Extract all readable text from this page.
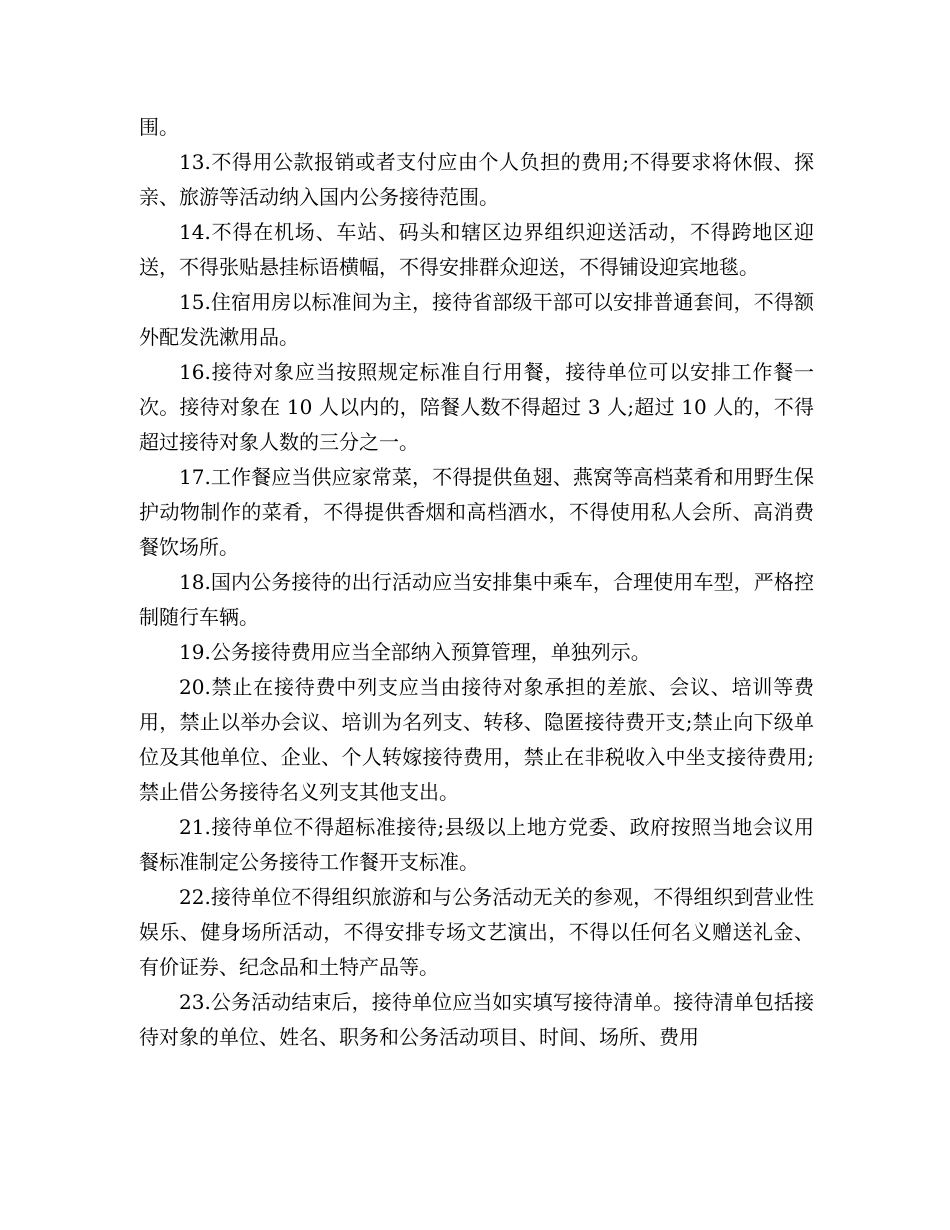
围。

13.不得用公款报销或者支付应由个人负担的费用;不得要求将休假、探亲、旅游等活动纳入国内公务接待范围。

14.不得在机场、车站、码头和辖区边界组织迎送活动，不得跨地区迎送，不得张贴悬挂标语横幅，不得安排群众迎送，不得铺设迎宾地毯。

15.住宿用房以标准间为主，接待省部级干部可以安排普通套间，不得额外配发洗漱用品。

16.接待对象应当按照规定标准自行用餐，接待单位可以安排工作餐一次。接待对象在 10 人以内的，陪餐人数不得超过 3 人;超过 10 人的，不得超过接待对象人数的三分之一。

17.工作餐应当供应家常菜，不得提供鱼翅、燕窝等高档菜肴和用野生保护动物制作的菜肴，不得提供香烟和高档酒水，不得使用私人会所、高消费餐饮场所。

18.国内公务接待的出行活动应当安排集中乘车，合理使用车型，严格控制随行车辆。

19.公务接待费用应当全部纳入预算管理，单独列示。

20.禁止在接待费中列支应当由接待对象承担的差旅、会议、培训等费用，禁止以举办会议、培训为名列支、转移、隐匿接待费开支;禁止向下级单位及其他单位、企业、个人转嫁接待费用，禁止在非税收入中坐支接待费用;禁止借公务接待名义列支其他支出。

21.接待单位不得超标准接待;县级以上地方党委、政府按照当地会议用餐标准制定公务接待工作餐开支标准。

22.接待单位不得组织旅游和与公务活动无关的参观，不得组织到营业性娱乐、健身场所活动，不得安排专场文艺演出，不得以任何名义赠送礼金、有价证券、纪念品和土特产品等。

23.公务活动结束后，接待单位应当如实填写接待清单。接待清单包括接待对象的单位、姓名、职务和公务活动项目、时间、场所、费用
